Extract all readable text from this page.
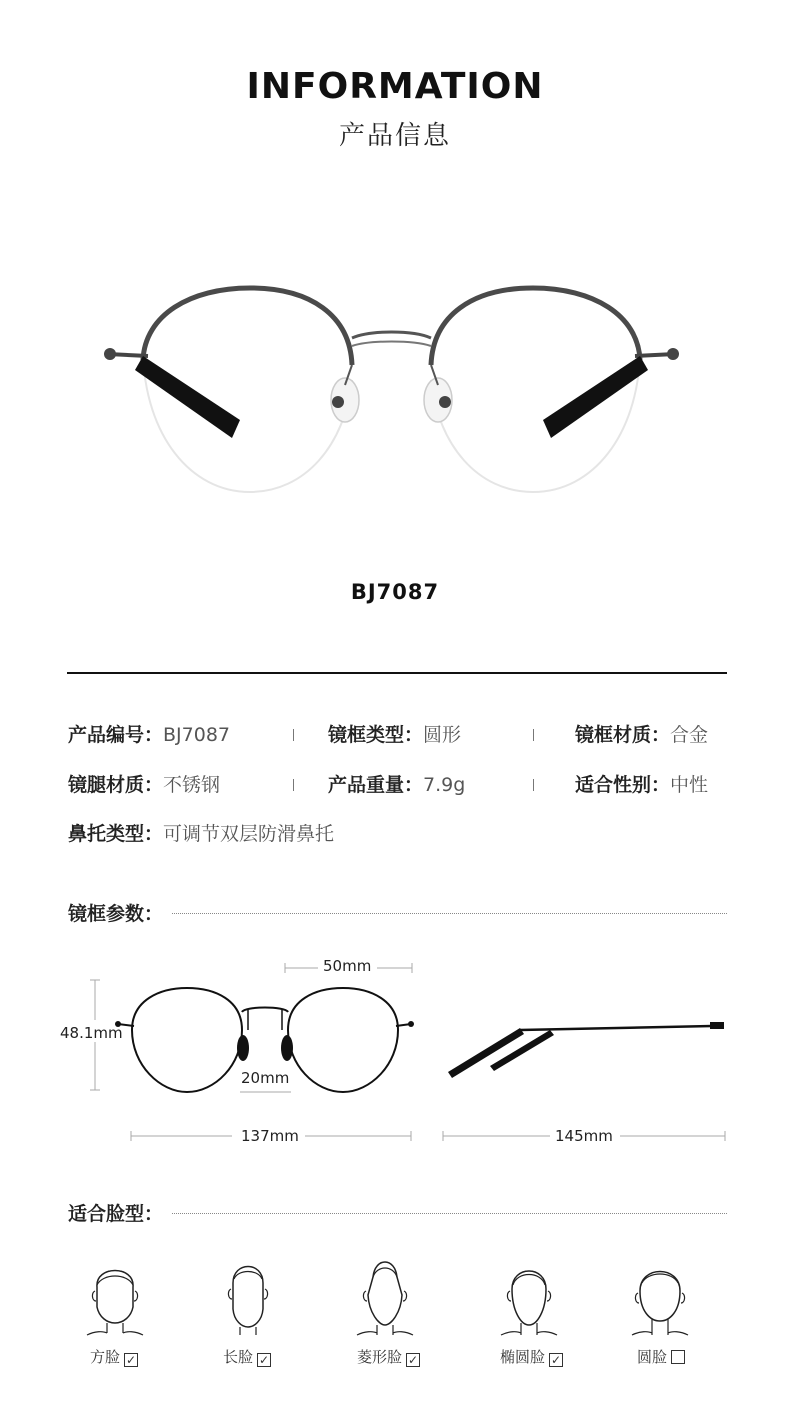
INFORMATION
产品信息
BJ7087
产品编号：BJ7087	镜框类型：圆形	镜框材质：合金
镜腿材质：不锈钢	产品重量：7.9g	适合性别：中性
鼻托类型：可调节双层防滑鼻托
镜框参数：
50mm
48.1mm
20mm
137mm	145mm
适合脸型：
方脸 ✓	长脸 ✓	菱形脸 ✓	椭圆脸 ✓	圆脸
